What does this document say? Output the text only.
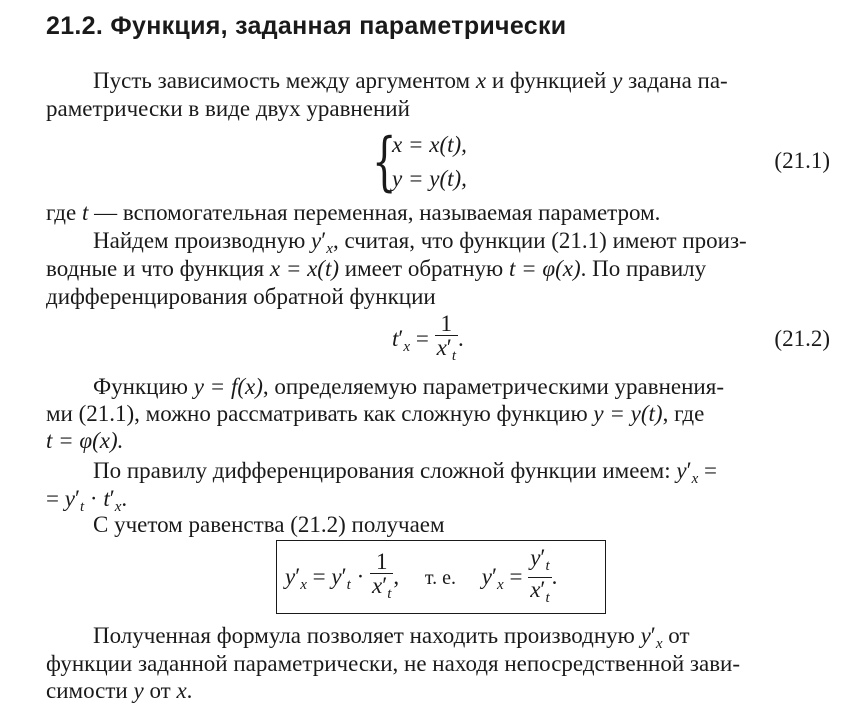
21.2. Функция, заданная параметрически
Пусть зависимость между аргументом x и функцией y задана па-
раметрически в виде двух уравнений
{
x = x(t),
y = y(t),
(21.1)
где t — вспомогательная переменная, называемая параметром.
Найдем производную $y'_x$, считая, что функции (21.1) имеют произ-
водные и что функция x = x(t) имеет обратную t = φ(x). По правилу
дифференцирования обратной функции
$t'_x = \frac{1}{x'_t}$ .	(21.2)
Функцию y = f(x), определяемую параметрическими уравнения-
ми (21.1), можно рассматривать как сложную функцию y = y(t), где
t = φ(x).
По правилу дифференцирования сложной функции имеем: $y'_x$ =
= $y'_t \cdot t'_x$.
С учетом равенства (21.2) получаем
$y'_x = y'_t \cdot \frac{1}{x'_t}$ , т. е. $y'_x = \frac{y'_t}{x'_t}$ .
Полученная формула позволяет находить производную $y'_x$ от
функции заданной параметрически, не находя непосредственной зави-
симости y от x.
